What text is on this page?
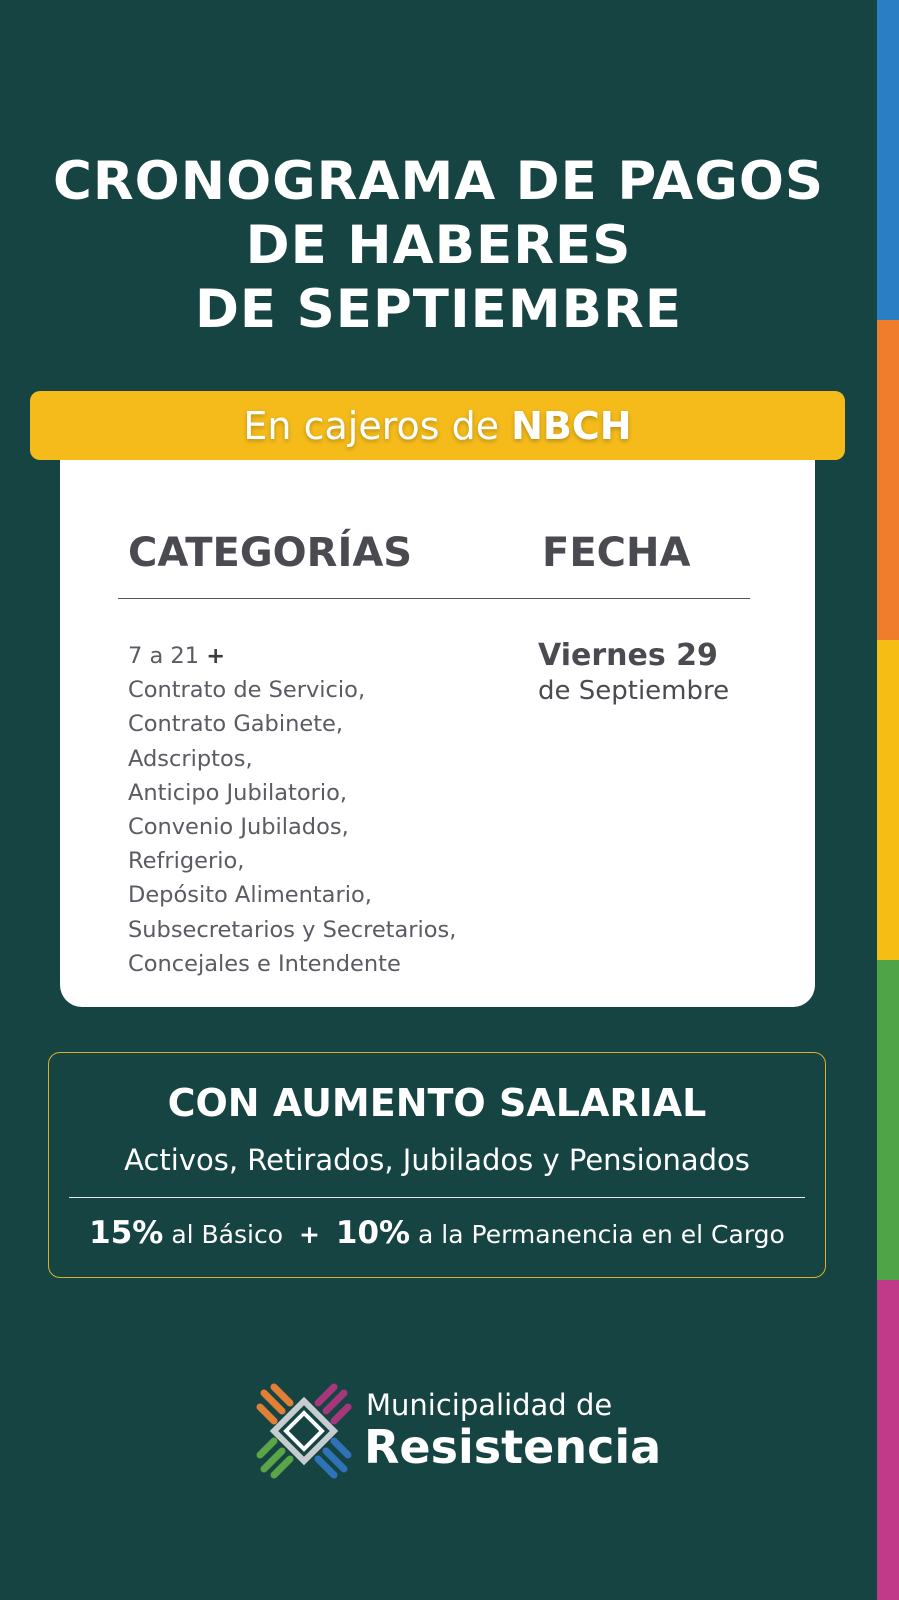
CRONOGRAMA DE PAGOS
DE HABERES
DE SEPTIEMBRE
En cajeros de NBCH
CATEGORÍAS	FECHA
7 a 21 +
Contrato de Servicio,
Contrato Gabinete,
Adscriptos,
Anticipo Jubilatorio,
Convenio Jubilados,
Refrigerio,
Depósito Alimentario,
Subsecretarios y Secretarios,
Concejales e Intendente
Viernes 29
de Septiembre
CON AUMENTO SALARIAL
Activos, Retirados, Jubilados y Pensionados
15% al Básico + 10% a la Permanencia en el Cargo
Municipalidad de
Resistencia
